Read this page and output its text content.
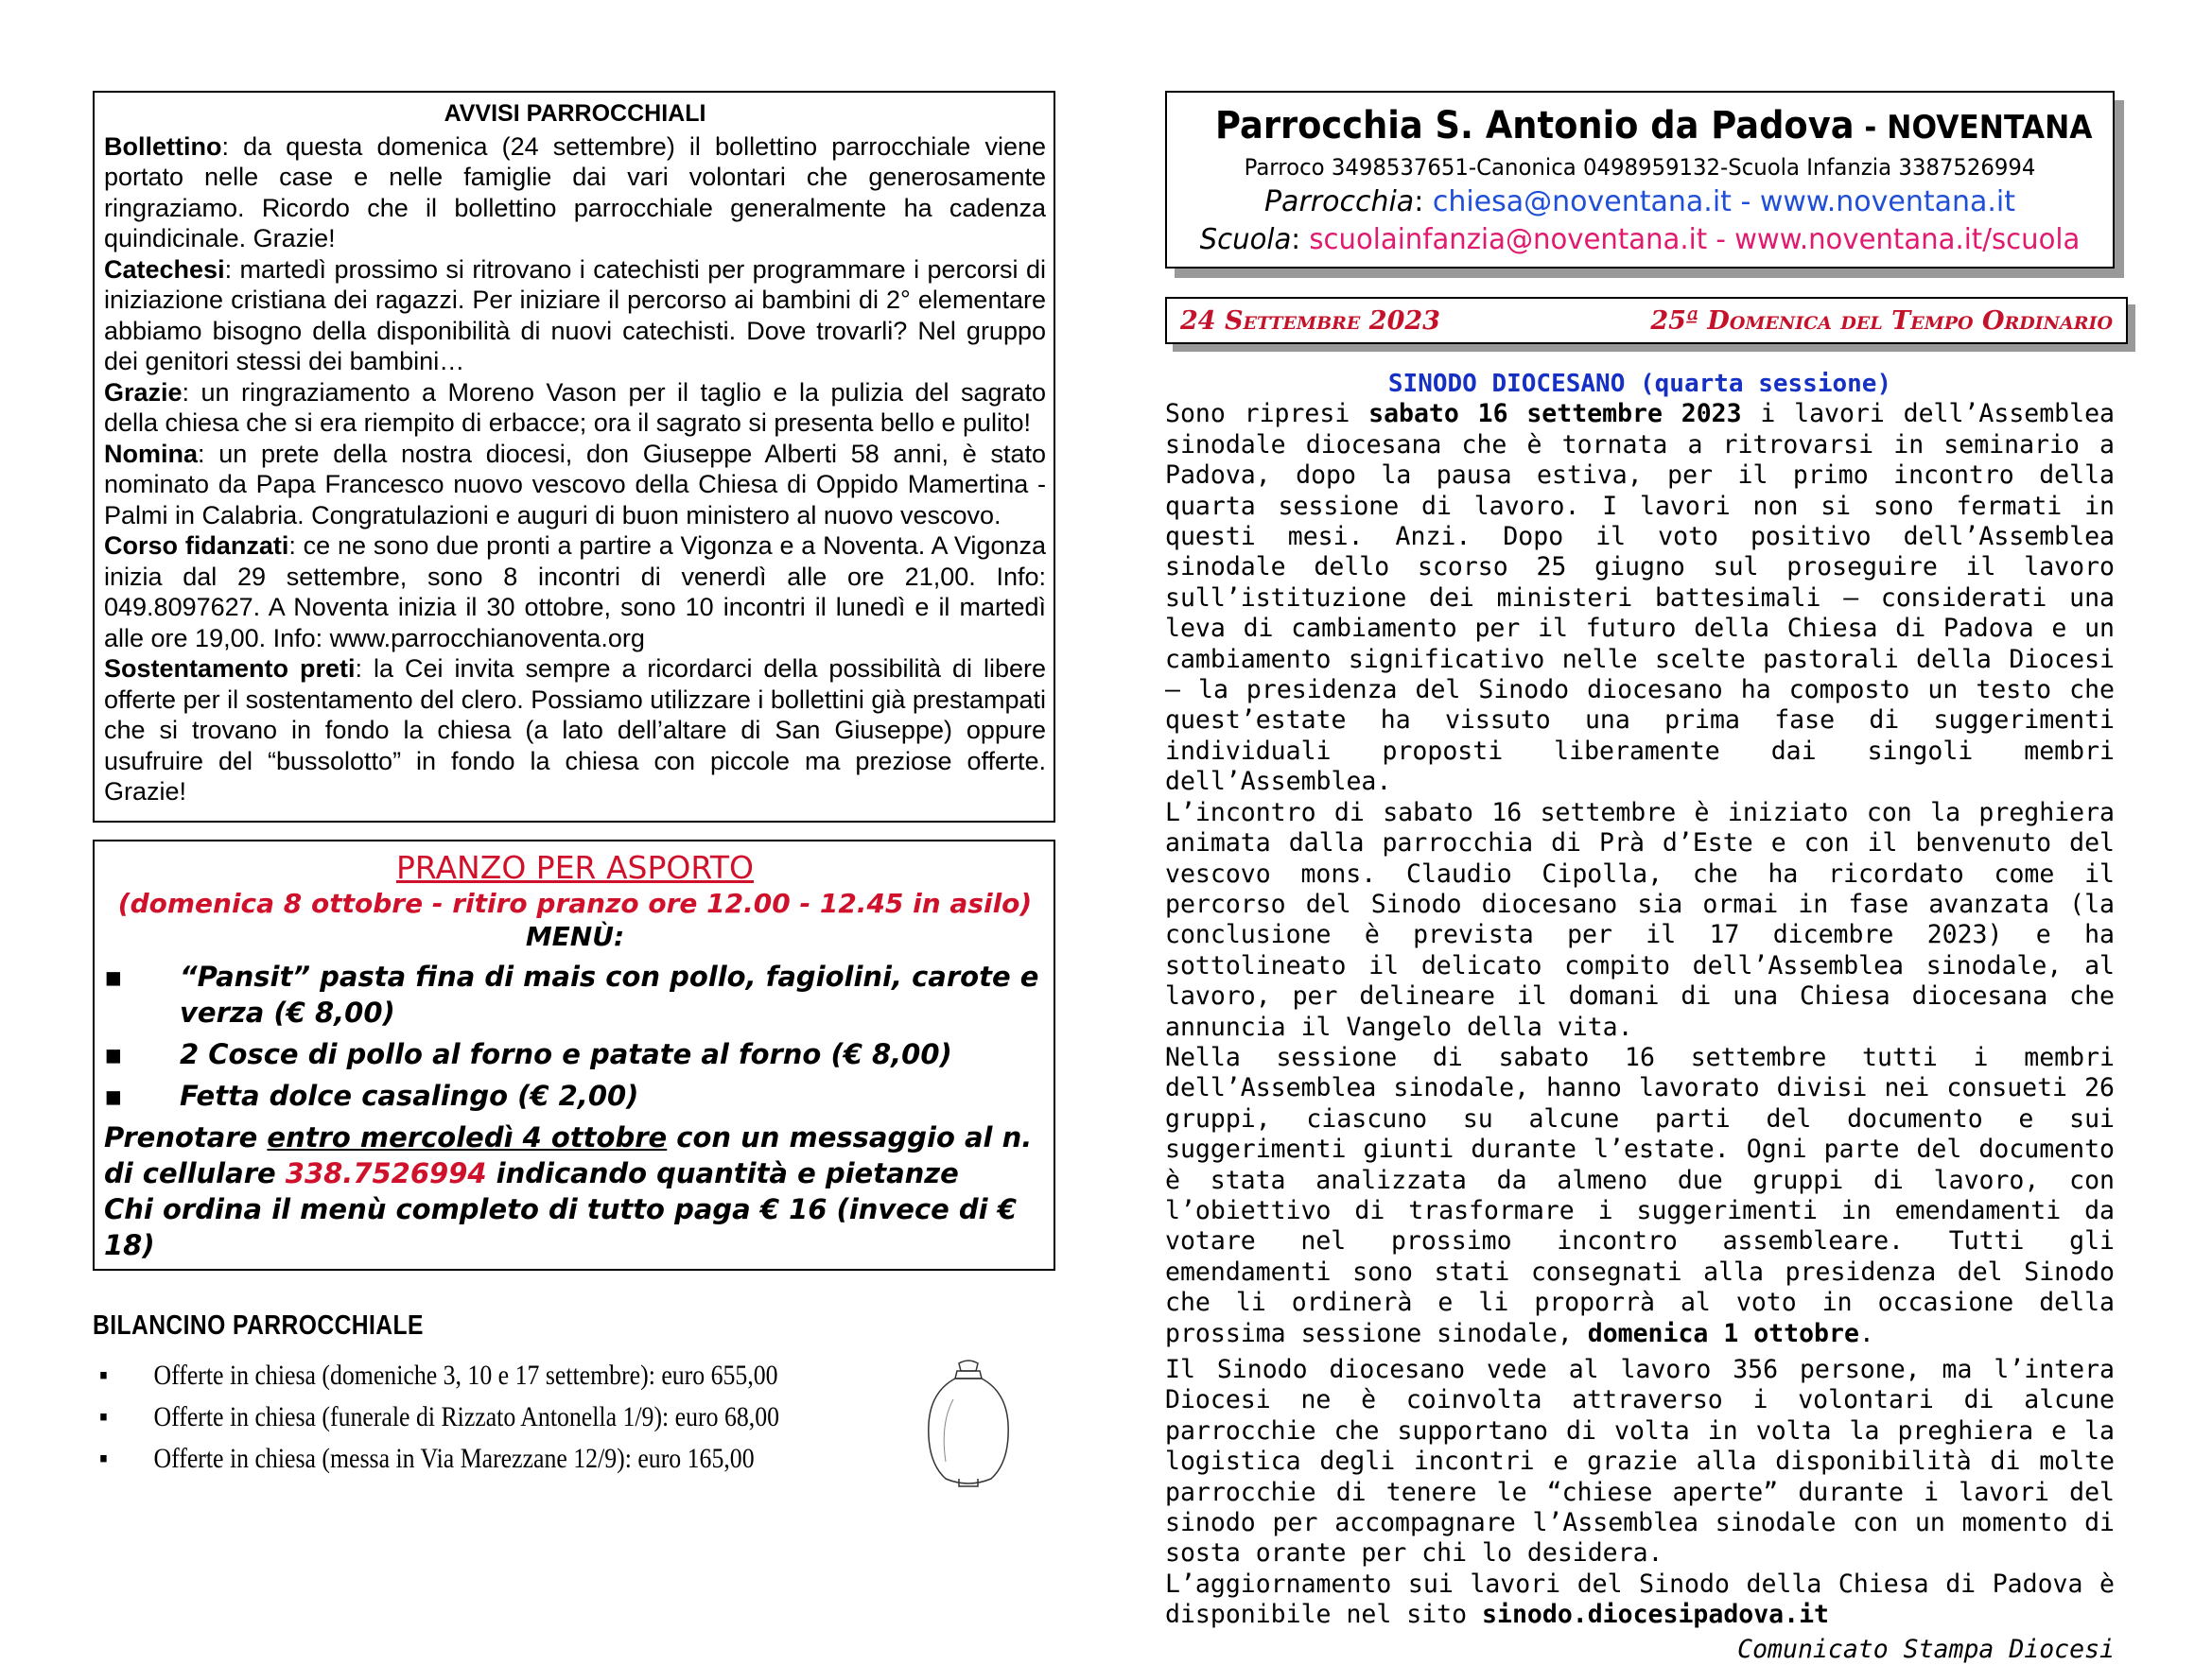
AVVISI PARROCCHIALI

Bollettino: da questa domenica (24 settembre) il bollettino parrocchiale viene portato nelle case e nelle famiglie dai vari volontari che generosamente ringraziamo. Ricordo che il bollettino parrocchiale generalmente ha cadenza quindicinale. Grazie!

Catechesi: martedì prossimo si ritrovano i catechisti per programmare i percorsi di iniziazione cristiana dei ragazzi. Per iniziare il percorso ai bambini di 2° elementare abbiamo bisogno della disponibilità di nuovi catechisti. Dove trovarli? Nel gruppo dei genitori stessi dei bambini…

Grazie: un ringraziamento a Moreno Vason per il taglio e la pulizia del sagrato della chiesa che si era riempito di erbacce; ora il sagrato si presenta bello e pulito!

Nomina: un prete della nostra diocesi, don Giuseppe Alberti 58 anni, è stato nominato da Papa Francesco nuovo vescovo della Chiesa di Oppido Mamertina - Palmi in Calabria. Congratulazioni e auguri di buon ministero al nuovo vescovo.

Corso fidanzati: ce ne sono due pronti a partire a Vigonza e a Noventa. A Vigonza inizia dal 29 settembre, sono 8 incontri di venerdì alle ore 21,00. Info: 049.8097627. A Noventa inizia il 30 ottobre, sono 10 incontri il lunedì e il martedì alle ore 19,00. Info: www.parrocchianoventa.org

Sostentamento preti: la Cei invita sempre a ricordarci della possibilità di libere offerte per il sostentamento del clero. Possiamo utilizzare i bollettini già prestampati che si trovano in fondo la chiesa (a lato dell’altare di San Giuseppe) oppure usufruire del “bussolotto” in fondo la chiesa con piccole ma preziose offerte. Grazie!

PRANZO PER ASPORTO
(domenica 8 ottobre - ritiro pranzo ore 12.00 - 12.45 in asilo)
MENÙ:
▪ “Pansit” pasta fina di mais con pollo, fagiolini, carote e verza (€ 8,00)
▪ 2 Cosce di pollo al forno e patate al forno (€ 8,00)
▪ Fetta dolce casalingo (€ 2,00)
Prenotare entro mercoledì 4 ottobre con un messaggio al n. di cellulare 338.7526994 indicando quantità e pietanze
Chi ordina il menù completo di tutto paga € 16 (invece di € 18)
BILANCINO PARROCCHIALE
▪ Offerte in chiesa (domeniche 3, 10 e 17 settembre): euro 655,00
▪ Offerte in chiesa (funerale di Rizzato Antonella 1/9): euro 68,00
▪ Offerte in chiesa (messa in Via Marezzane 12/9): euro 165,00
Parrocchia S. Antonio da Padova - NOVENTANA
Parroco 3498537651-Canonica 0498959132-Scuola Infanzia 3387526994
Parrocchia: chiesa@noventana.it - www.noventana.it
Scuola: scuolainfanzia@noventana.it - www.noventana.it/scuola
24 Settembre 2023	25ª Domenica del Tempo Ordinario
SINODO DIOCESANO (quarta sessione)

Sono ripresi sabato 16 settembre 2023 i lavori dell’Assemblea sinodale diocesana che è tornata a ritrovarsi in seminario a Padova, dopo la pausa estiva, per il primo incontro della quarta sessione di lavoro. I lavori non si sono fermati in questi mesi. Anzi. Dopo il voto positivo dell’Assemblea sinodale dello scorso 25 giugno sul proseguire il lavoro sull’istituzione dei ministeri battesimali – considerati una leva di cambiamento per il futuro della Chiesa di Padova e un cambiamento significativo nelle scelte pastorali della Diocesi – la presidenza del Sinodo diocesano ha composto un testo che quest’estate ha vissuto una prima fase di suggerimenti individuali proposti liberamente dai singoli membri dell’Assemblea.

L’incontro di sabato 16 settembre è iniziato con la preghiera animata dalla parrocchia di Prà d’Este e con il benvenuto del vescovo mons. Claudio Cipolla, che ha ricordato come il percorso del Sinodo diocesano sia ormai in fase avanzata (la conclusione è prevista per il 17 dicembre 2023) e ha sottolineato il delicato compito dell’Assemblea sinodale, al lavoro, per delineare il domani di una Chiesa diocesana che annuncia il Vangelo della vita.

Nella sessione di sabato 16 settembre tutti i membri dell’Assemblea sinodale, hanno lavorato divisi nei consueti 26 gruppi, ciascuno su alcune parti del documento e sui suggerimenti giunti durante l’estate. Ogni parte del documento è stata analizzata da almeno due gruppi di lavoro, con l’obiettivo di trasformare i suggerimenti in emendamenti da votare nel prossimo incontro assembleare. Tutti gli emendamenti sono stati consegnati alla presidenza del Sinodo che li ordinerà e li proporrà al voto in occasione della prossima sessione sinodale, domenica 1 ottobre.

Il Sinodo diocesano vede al lavoro 356 persone, ma l’intera Diocesi ne è coinvolta attraverso i volontari di alcune parrocchie che supportano di volta in volta la preghiera e la logistica degli incontri e grazie alla disponibilità di molte parrocchie di tenere le “chiese aperte” durante i lavori del sinodo per accompagnare l’Assemblea sinodale con un momento di sosta orante per chi lo desidera.

L’aggiornamento sui lavori del Sinodo della Chiesa di Padova è disponibile nel sito sinodo.diocesipadova.it

Comunicato Stampa Diocesi
